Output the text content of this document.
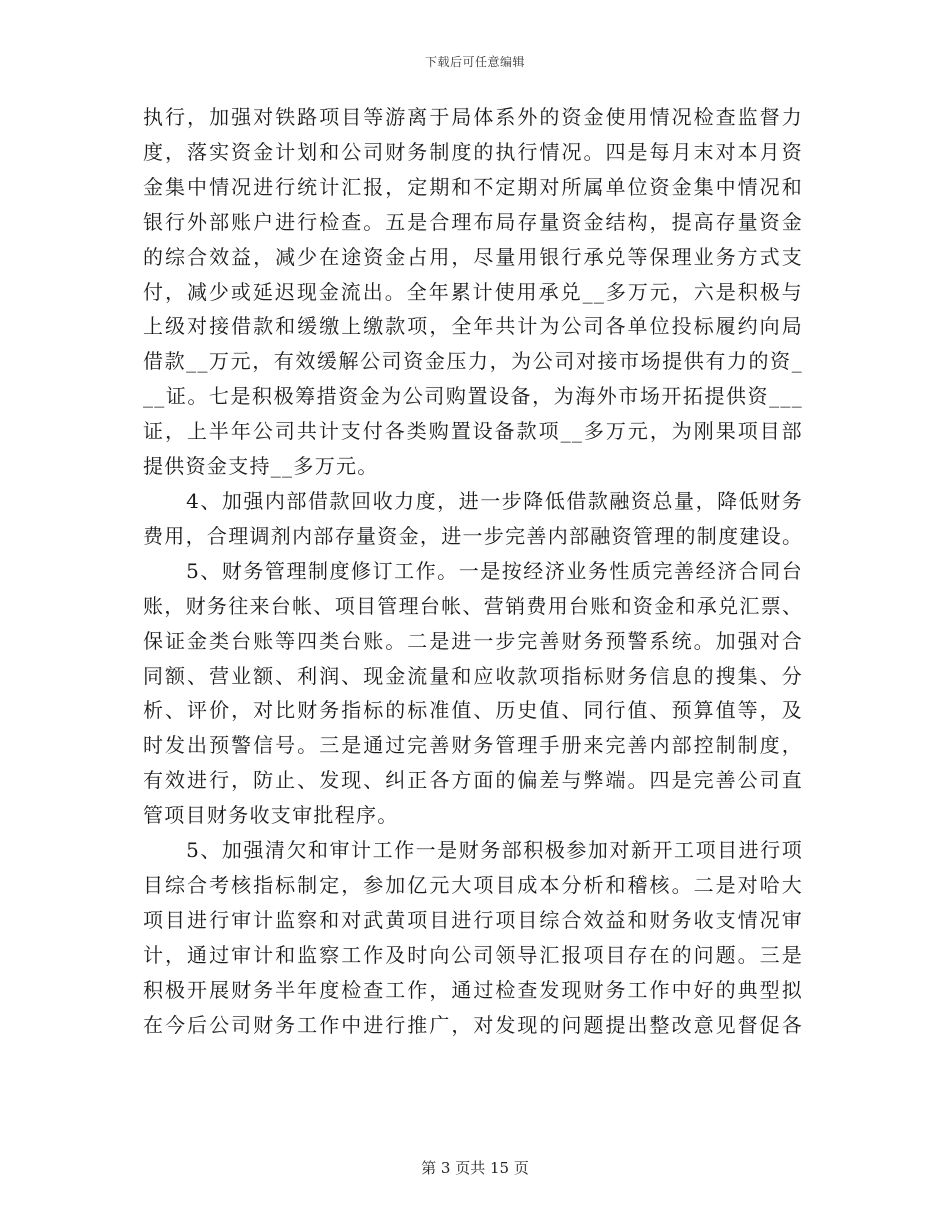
下载后可任意编辑
执行，加强对铁路项目等游离于局体系外的资金使用情况检查监督力
度，落实资金计划和公司财务制度的执行情况。四是每月末对本月资
金集中情况进行统计汇报，定期和不定期对所属单位资金集中情况和
银行外部账户进行检查。五是合理布局存量资金结构，提高存量资金
的综合效益，减少在途资金占用，尽量用银行承兑等保理业务方式支
付，减少或延迟现金流出。全年累计使用承兑__多万元，六是积极与
上级对接借款和缓缴上缴款项，全年共计为公司各单位投标履约向局
借款__万元，有效缓解公司资金压力，为公司对接市场提供有力的资_
__证。七是积极筹措资金为公司购置设备，为海外市场开拓提供资___
证，上半年公司共计支付各类购置设备款项__多万元，为刚果项目部
提供资金支持__多万元。
　　4、加强内部借款回收力度，进一步降低借款融资总量，降低财务
费用，合理调剂内部存量资金，进一步完善内部融资管理的制度建设。
　　5、财务管理制度修订工作。一是按经济业务性质完善经济合同台
账，财务往来台帐、项目管理台帐、营销费用台账和资金和承兑汇票、
保证金类台账等四类台账。二是进一步完善财务预警系统。加强对合
同额、营业额、利润、现金流量和应收款项指标财务信息的搜集、分
析、评价，对比财务指标的标准值、历史值、同行值、预算值等，及
时发出预警信号。三是通过完善财务管理手册来完善内部控制制度，
有效进行，防止、发现、纠正各方面的偏差与弊端。四是完善公司直
管项目财务收支审批程序。
　　5、加强清欠和审计工作一是财务部积极参加对新开工项目进行项
目综合考核指标制定，参加亿元大项目成本分析和稽核。二是对哈大
项目进行审计监察和对武黄项目进行项目综合效益和财务收支情况审
计，通过审计和监察工作及时向公司领导汇报项目存在的问题。三是
积极开展财务半年度检查工作，通过检查发现财务工作中好的典型拟
在今后公司财务工作中进行推广，对发现的问题提出整改意见督促各
第 3 页共 15 页
